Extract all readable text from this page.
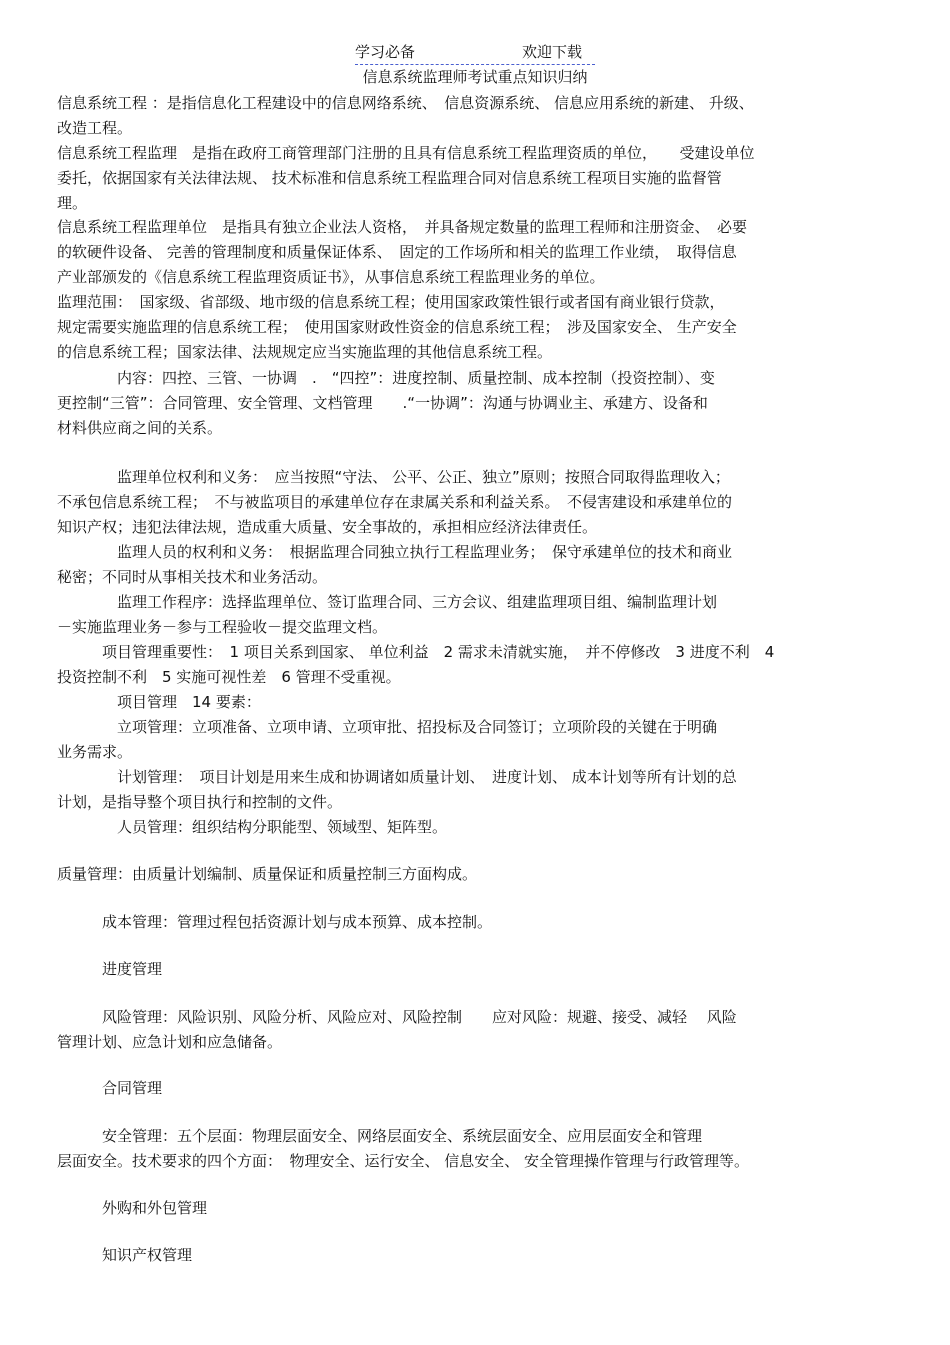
学习必备	欢迎下载
信息系统监理师考试重点知识归纳
信息系统工程 ：是指信息化工程建设中的信息网络系统、　信息资源系统、 信息应用系统的新建、 升级、
改造工程。
信息系统工程监理　是指在政府工商管理部门注册的且具有信息系统工程监理资质的单位，　　受建设单位
委托，依据国家有关法律法规、 技术标准和信息系统工程监理合同对信息系统工程项目实施的监督管
理。
信息系统工程监理单位　是指具有独立企业法人资格，　并具备规定数量的监理工程师和注册资金、　必要
的软硬件设备、 完善的管理制度和质量保证体系、　固定的工作场所和相关的监理工作业绩，　取得信息
产业部颁发的《信息系统工程监理资质证书》，从事信息系统工程监理业务的单位。
监理范围：　国家级、省部级、地市级的信息系统工程；使用国家政策性银行或者国有商业银行贷款，
规定需要实施监理的信息系统工程；　使用国家财政性资金的信息系统工程；　涉及国家安全、 生产安全
的信息系统工程；国家法律、法规规定应当实施监理的其他信息系统工程。
　　　　内容：四控、三管、一协调　.　“四控”：进度控制、质量控制、成本控制（投资控制）、变
更控制“三管”：合同管理、安全管理、文档管理　　.“一协调”：沟通与协调业主、承建方、设备和
材料供应商之间的关系。
　　　　监理单位权利和义务：　应当按照“守法、 公平、公正、独立”原则；按照合同取得监理收入；
不承包信息系统工程；　不与被监项目的承建单位存在隶属关系和利益关系。　不侵害建设和承建单位的
知识产权；违犯法律法规，造成重大质量、安全事故的，承担相应经济法律责任。
　　　　监理人员的权利和义务：　根据监理合同独立执行工程监理业务；　保守承建单位的技术和商业
秘密；不同时从事相关技术和业务活动。
　　　　监理工作程序：选择监理单位、签订监理合同、三方会议、组建监理项目组、编制监理计划
－实施监理业务－参与工程验收－提交监理文档。
　　　项目管理重要性：　1 项目关系到国家、 单位利益　2 需求未清就实施，　并不停修改　3 进度不利　4
投资控制不利　5 实施可视性差　6 管理不受重视。
　　　　项目管理　14 要素：
　　　　立项管理：立项准备、立项申请、立项审批、招投标及合同签订；立项阶段的关键在于明确
业务需求。
　　　　计划管理：　项目计划是用来生成和协调诸如质量计划、　进度计划、 成本计划等所有计划的总
计划，是指导整个项目执行和控制的文件。
　　　　人员管理：组织结构分职能型、领域型、矩阵型。
质量管理：由质量计划编制、质量保证和质量控制三方面构成。
　　　成本管理：管理过程包括资源计划与成本预算、成本控制。
　　　进度管理
　　　风险管理：风险识别、风险分析、风险应对、风险控制　　应对风险：规避、接受、减轻　 风险
管理计划、应急计划和应急储备。
　　　合同管理
　　　安全管理：五个层面：物理层面安全、网络层面安全、系统层面安全、应用层面安全和管理
层面安全。技术要求的四个方面：　物理安全、运行安全、 信息安全、 安全管理操作管理与行政管理等。
　　　外购和外包管理
　　　知识产权管理
